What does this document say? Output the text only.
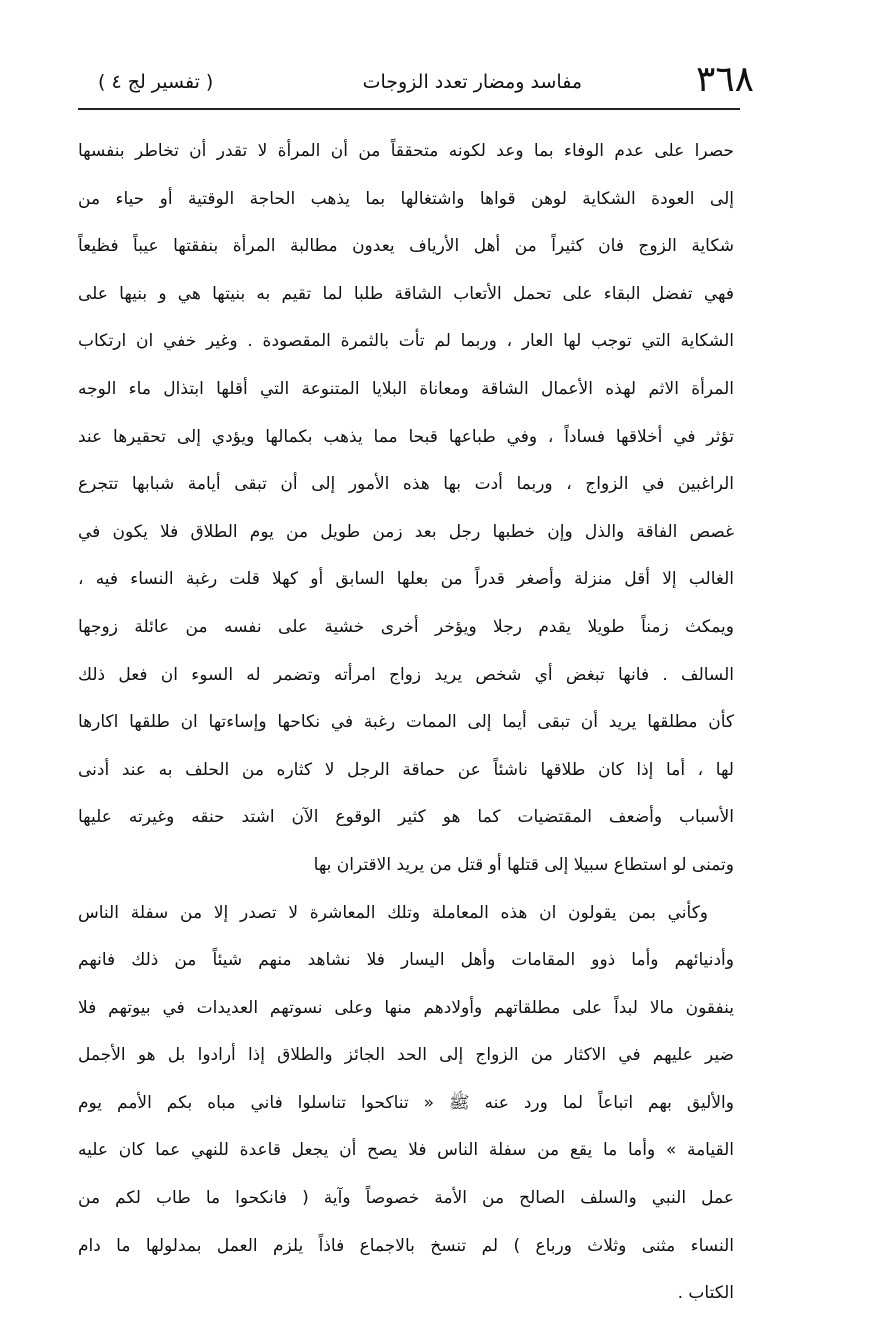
٣٦٨
مفاسد ومضار تعدد الزوجات
( تفسير لج ٤ )
حصرا على عدم الوفاء بما وعد لكونه متحققاً من أن المرأة لا تقدر أن تخاطر بنفسها
إلى العودة الشكاية لوهن قواها واشتغالها بما يذهب الحاجة الوقتية أو حياء من
شكاية الزوج فان كثيراً من أهل الأرياف يعدون مطالبة المرأة بنفقتها عيباً فظيعاً
فهي تفضل البقاء على تحمل الأتعاب الشاقة طلبا لما تقيم به بنيتها هي و بنيها على
الشكاية التي توجب لها العار ، وربما لم تأت بالثمرة المقصودة . وغير خفي ان ارتكاب
المرأة الاثم لهذه الأعمال الشاقة ومعاناة البلايا المتنوعة التي أقلها ابتذال ماء الوجه
تؤثر في أخلاقها فساداً ، وفي طباعها قبحا مما يذهب بكمالها ويؤدي إلى تحقيرها عند
الراغبين في الزواج ، وربما أدت بها هذه الأمور إلى أن تبقى أيامة شبابها تتجرع
غصص الفاقة والذل وإن خطبها رجل بعد زمن طويل من يوم الطلاق فلا يكون في
الغالب إلا أقل منزلة وأصغر قدراً من بعلها السابق أو كهلا قلت رغبة النساء فيه ،
ويمكث زمناً طويلا يقدم رجلا ويؤخر أخرى خشية على نفسه من عائلة زوجها
السالف . فانها تبغض أي شخص يريد زواج امرأته وتضمر له السوء ان فعل ذلك
كأن مطلقها يريد أن تبقى أيما إلى الممات رغبة في نكاحها وإساءتها ان طلقها اكارها
لها ، أما إذا كان طلاقها ناشئاً عن حماقة الرجل لا كثاره من الحلف به عند أدنى
الأسباب وأضعف المقتضيات كما هو كثير الوقوع الآن اشتد حنقه وغيرته عليها
وتمنى لو استطاع سبيلا إلى قتلها أو قتل من يريد الاقتران بها
وكأني بمن يقولون ان هذه المعاملة وتلك المعاشرة لا تصدر إلا من سفلة الناس
وأدنيائهم وأما ذوو المقامات وأهل اليسار فلا نشاهد منهم شيئاً من ذلك فانهم
ينفقون مالا لبداً على مطلقاتهم وأولادهم منها وعلى نسوتهم العديدات في بيوتهم فلا
ضير عليهم في الاكثار من الزواج إلى الحد الجائز والطلاق إذا أرادوا بل هو الأجمل
والأليق بهم اتباعاً لما ورد عنه ﷺ « تناكحوا تناسلوا فاني مباه بكم الأمم يوم
القيامة » وأما ما يقع من سفلة الناس فلا يصح أن يجعل قاعدة للنهي عما كان عليه
عمل النبي والسلف الصالح من الأمة خصوصاً وآية ( فانكحوا ما طاب لكم من
النساء مثنى وثلاث ورباع ) لم تنسخ بالاجماع فاذاً يلزم العمل بمدلولها ما دام
الكتاب .
